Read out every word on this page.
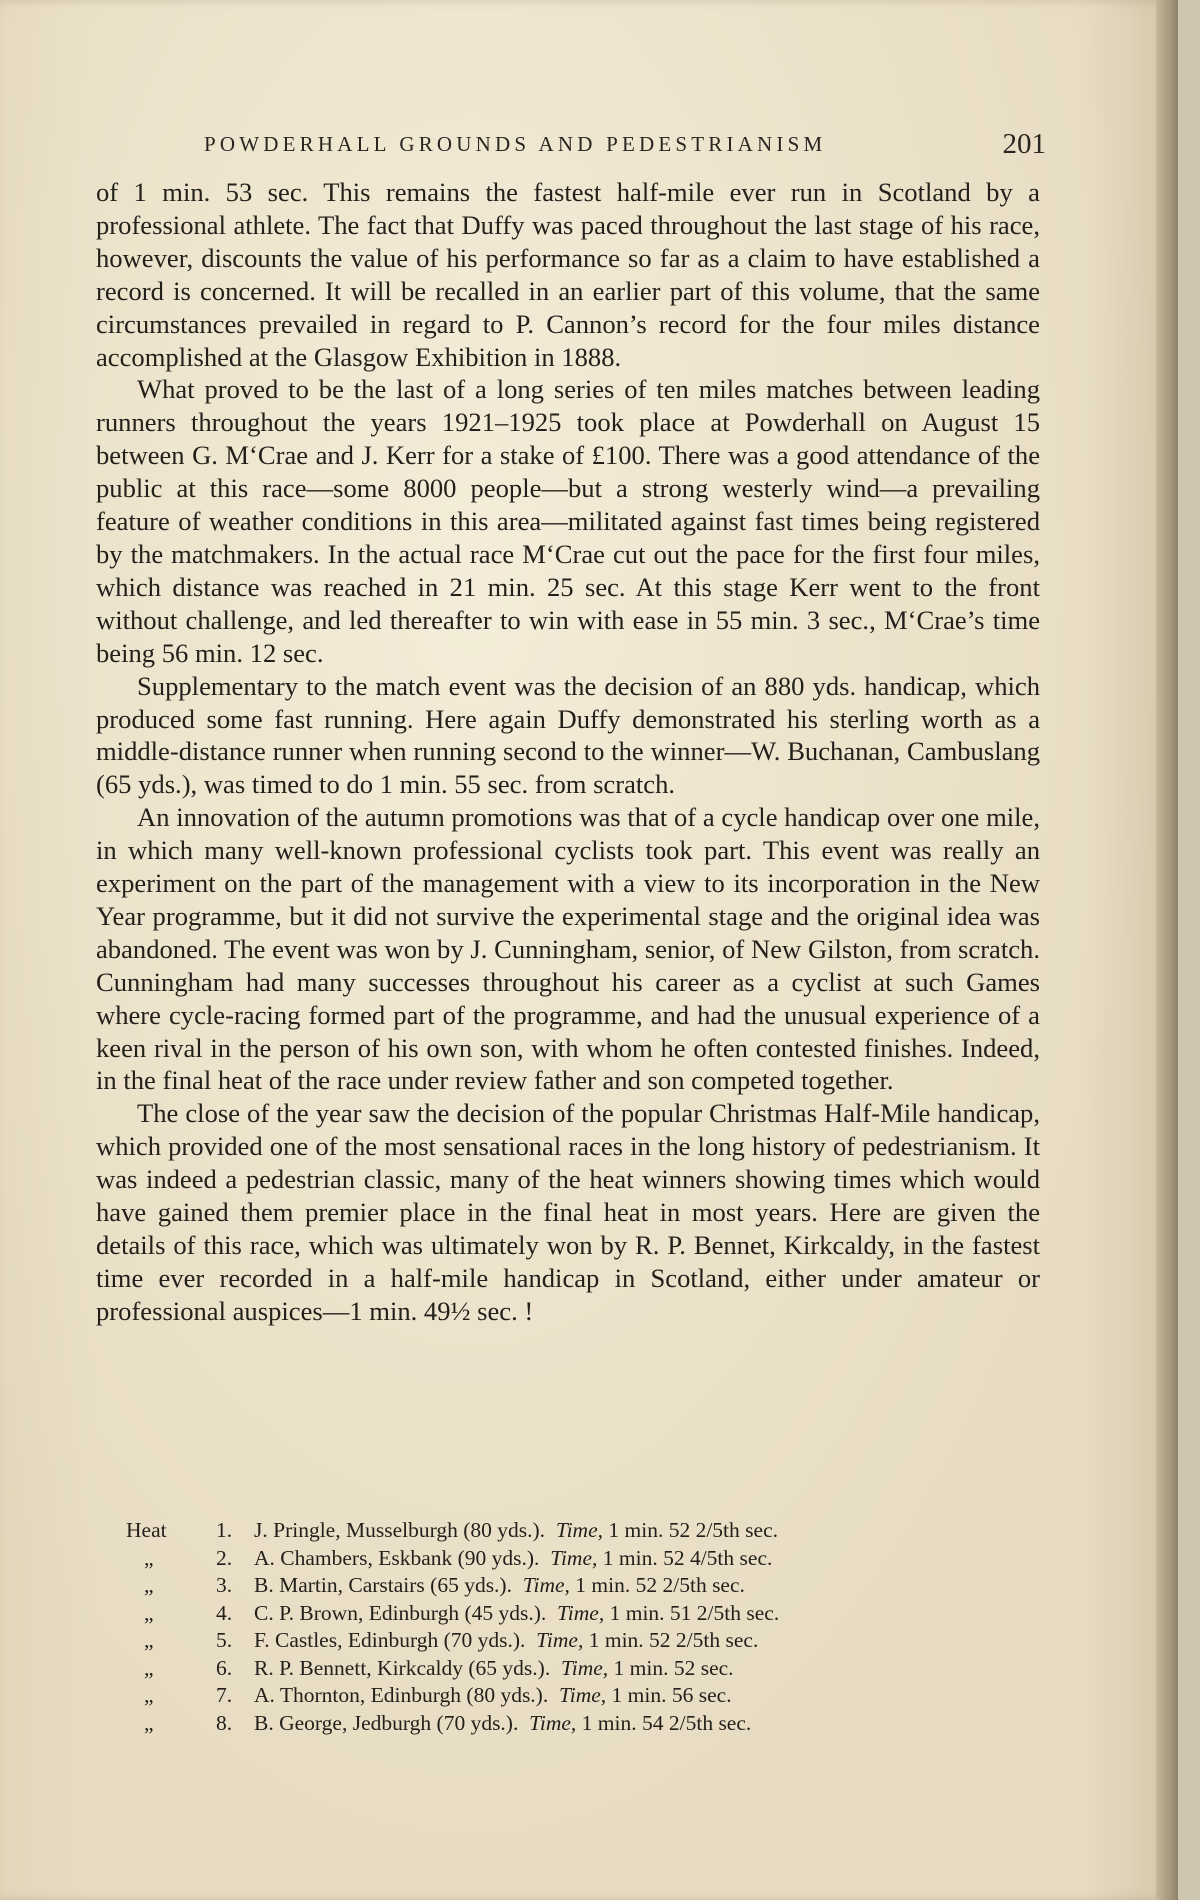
POWDERHALL GROUNDS AND PEDESTRIANISM	201

of 1 min. 53 sec. This remains the fastest half-mile ever run in Scotland by a professional athlete. The fact that Duffy was paced throughout the last stage of his race, however, discounts the value of his performance so far as a claim to have established a record is concerned. It will be recalled in an earlier part of this volume, that the same circumstances prevailed in regard to P. Cannon’s record for the four miles distance accomplished at the Glasgow Exhibition in 1888.

What proved to be the last of a long series of ten miles matches between leading runners throughout the years 1921–1925 took place at Powderhall on August 15 between G. M‘Crae and J. Kerr for a stake of £100. There was a good attendance of the public at this race—some 8000 people—but a strong westerly wind—a prevailing feature of weather conditions in this area—militated against fast times being registered by the matchmakers. In the actual race M‘Crae cut out the pace for the first four miles, which distance was reached in 21 min. 25 sec. At this stage Kerr went to the front without challenge, and led thereafter to win with ease in 55 min. 3 sec., M‘Crae’s time being 56 min. 12 sec.

Supplementary to the match event was the decision of an 880 yds. handicap, which produced some fast running. Here again Duffy demonstrated his sterling worth as a middle-distance runner when running second to the winner—W. Buchanan, Cambuslang (65 yds.), was timed to do 1 min. 55 sec. from scratch.

An innovation of the autumn promotions was that of a cycle handicap over one mile, in which many well-known professional cyclists took part. This event was really an experiment on the part of the management with a view to its incorporation in the New Year programme, but it did not survive the experimental stage and the original idea was abandoned. The event was won by J. Cunningham, senior, of New Gilston, from scratch. Cunningham had many successes throughout his career as a cyclist at such Games where cycle-racing formed part of the programme, and had the unusual experience of a keen rival in the person of his own son, with whom he often contested finishes. Indeed, in the final heat of the race under review father and son competed together.

The close of the year saw the decision of the popular Christmas Half-Mile handicap, which provided one of the most sensational races in the long history of pedestrianism. It was indeed a pedestrian classic, many of the heat winners showing times which would have gained them premier place in the final heat in most years. Here are given the details of this race, which was ultimately won by R. P. Bennet, Kirkcaldy, in the fastest time ever recorded in a half-mile handicap in Scotland, either under amateur or professional auspices—1 min. 49½ sec. !

Heat 1. J. Pringle, Musselburgh (80 yds.). Time, 1 min. 52 2/5th sec.
„	2. A. Chambers, Eskbank (90 yds.). Time, 1 min. 52 4/5th sec.
„	3. B. Martin, Carstairs (65 yds.). Time, 1 min. 52 2/5th sec.
„	4. C. P. Brown, Edinburgh (45 yds.). Time, 1 min. 51 2/5th sec.
„	5. F. Castles, Edinburgh (70 yds.). Time, 1 min. 52 2/5th sec.
„	6. R. P. Bennett, Kirkcaldy (65 yds.). Time, 1 min. 52 sec.
„	7. A. Thornton, Edinburgh (80 yds.). Time, 1 min. 56 sec.
„	8. B. George, Jedburgh (70 yds.). Time, 1 min. 54 2/5th sec.
